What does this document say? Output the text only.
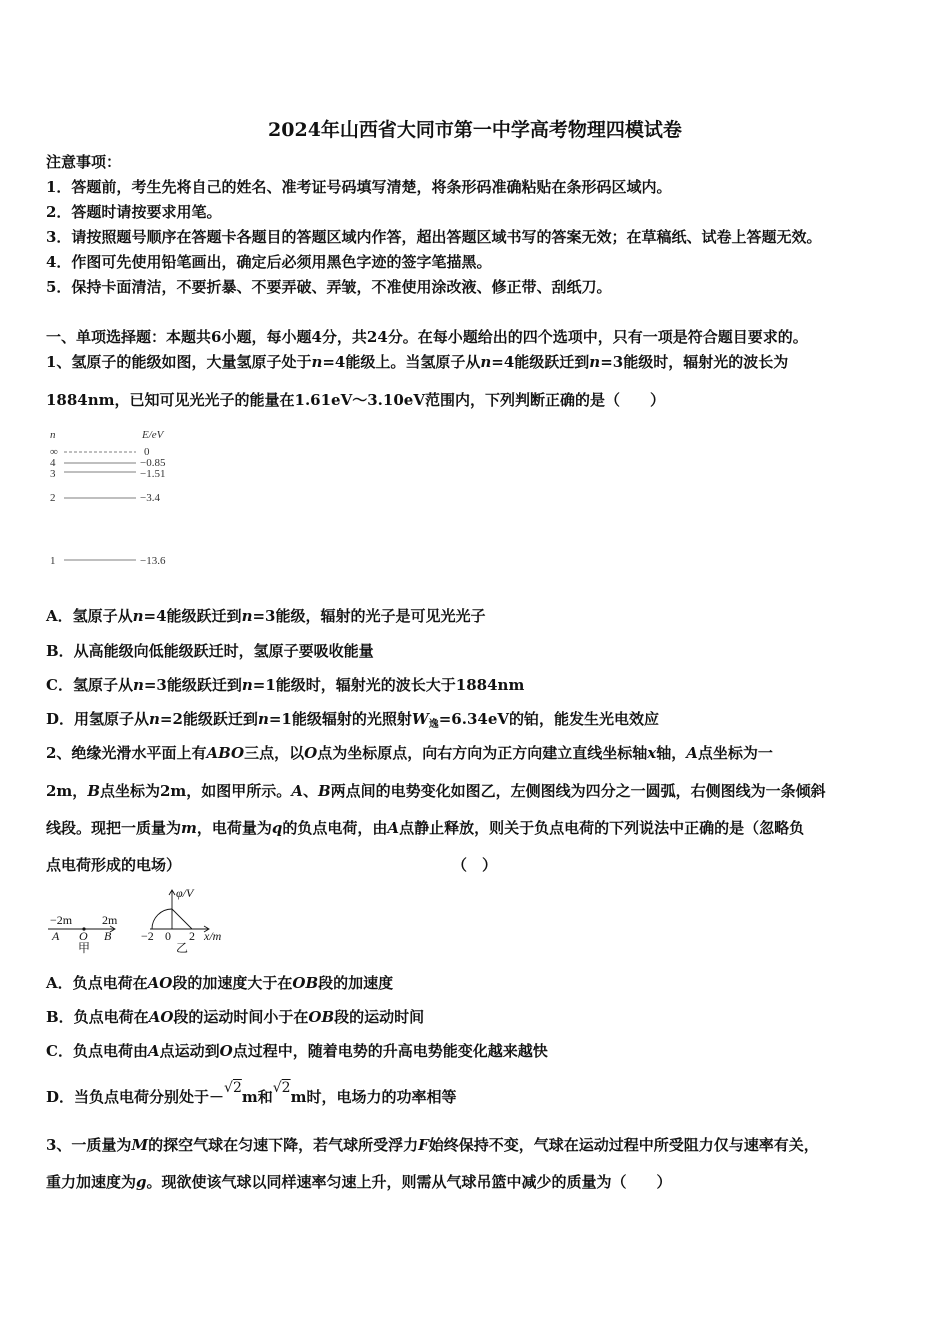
2024年山西省大同市第一中学高考物理四模试卷
注意事项：
1．答题前，考生先将自己的姓名、准考证号码填写清楚，将条形码准确粘贴在条形码区域内。
2．答题时请按要求用笔。
3．请按照题号顺序在答题卡各题目的答题区域内作答，超出答题区域书写的答案无效；在草稿纸、试卷上答题无效。
4．作图可先使用铅笔画出，确定后必须用黑色字迹的签字笔描黑。
5．保持卡面清洁，不要折暴、不要弄破、弄皱，不准使用涂改液、修正带、刮纸刀。
一、单项选择题：本题共6小题，每小题4分，共24分。在每小题给出的四个选项中，只有一项是符合题目要求的。
1、氢原子的能级如图，大量氢原子处于n=4能级上。当氢原子从n=4能级跃迁到n=3能级时，辐射光的波长为
1884nm，已知可见光光子的能量在1.61eV～3.10eV范围内，下列判断正确的是（　　）
n	E/eV
∞	0
4	−0.85
3	−1.51
2	−3.4
1	−13.6
A．氢原子从n=4能级跃迁到n=3能级，辐射的光子是可见光光子
B．从高能级向低能级跃迁时，氢原子要吸收能量
C．氢原子从n=3能级跃迁到n=1能级时，辐射光的波长大于1884nm
D．用氢原子从n=2能级跃迁到n=1能级辐射的光照射$W_逸=6.34eV$的铂，能发生光电效应
2、绝缘光滑水平面上有ABO三点，以O点为坐标原点，向右方向为正方向建立直线坐标轴x轴，A点坐标为一
2m，B点坐标为2m，如图甲所示。A、B两点间的电势变化如图乙，左侧图线为四分之一圆弧，右侧图线为一条倾斜
线段。现把一质量为m，电荷量为q的负点电荷，由A点静止释放，则关于负点电荷的下列说法中正确的是（忽略负
点电荷形成的电场）	（　）
−2m 2m
A O B
甲
φ/V
−2 0 2 x/m
乙
A．负点电荷在AO段的加速度大于在OB段的加速度
B．负点电荷在AO段的运动时间小于在OB段的运动时间
C．负点电荷由A点运动到O点过程中，随着电势的升高电势能变化越来越快
D．当负点电荷分别处于－√2m和√2m时，电场力的功率相等
3、一质量为M的探空气球在匀速下降，若气球所受浮力F始终保持不变，气球在运动过程中所受阻力仅与速率有关，
重力加速度为g。现欲使该气球以同样速率匀速上升，则需从气球吊篮中减少的质量为（　　）
